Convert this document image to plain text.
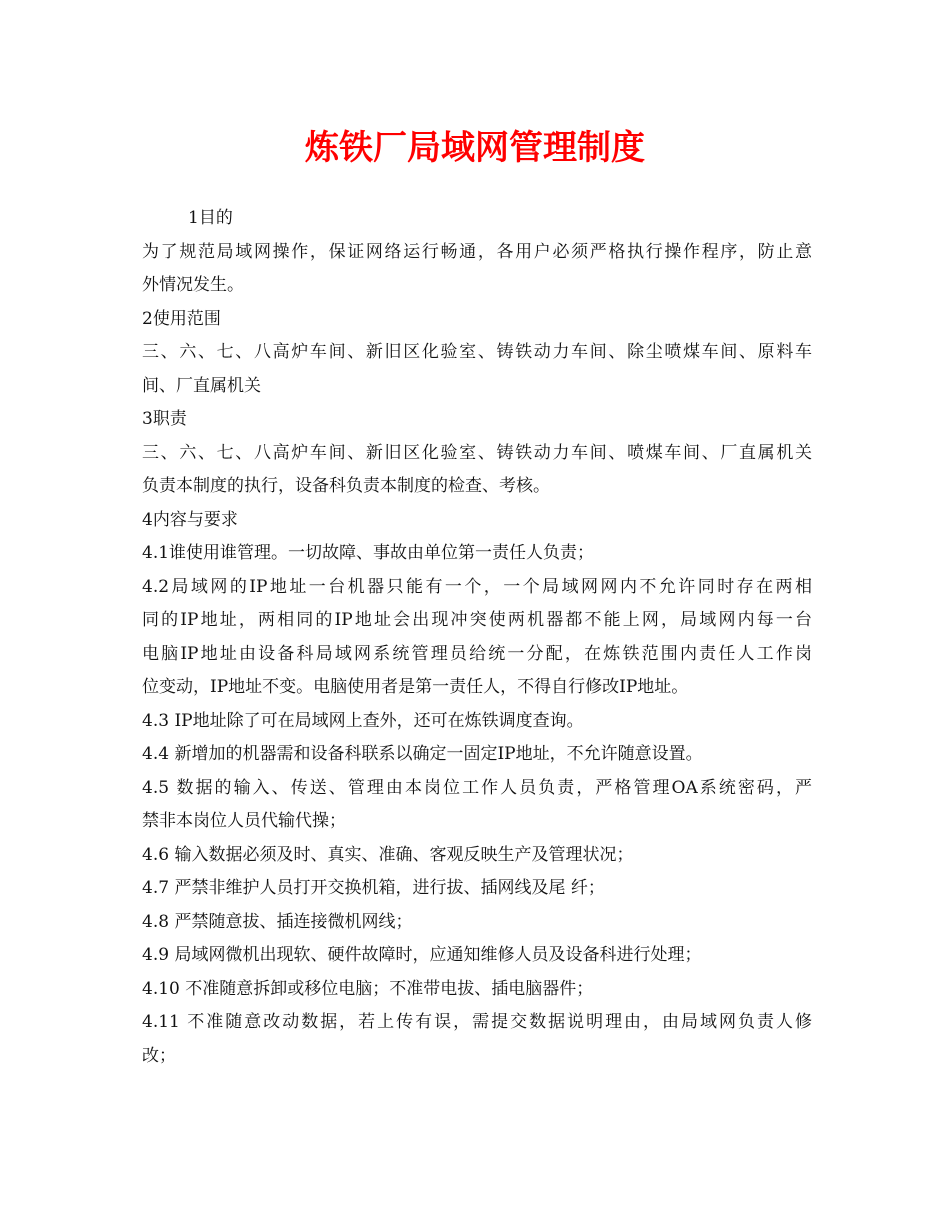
炼铁厂局域网管理制度
1目的
为了规范局域网操作，保证网络运行畅通，各用户必须严格执行操作程序，防止意
外情况发生。
2使用范围
三、六、七、八高炉车间、新旧区化验室、铸铁动力车间、除尘喷煤车间、原料车
间、厂直属机关
3职责
三、六、七、八高炉车间、新旧区化验室、铸铁动力车间、喷煤车间、厂直属机关
负责本制度的执行，设备科负责本制度的检查、考核。
4内容与要求
4.1谁使用谁管理。一切故障、事故由单位第一责任人负责；
4.2局域网的IP地址一台机器只能有一个，一个局域网网内不允许同时存在两相
同的IP地址，两相同的IP地址会出现冲突使两机器都不能上网，局域网内每一台
电脑IP地址由设备科局域网系统管理员给统一分配，在炼铁范围内责任人工作岗
位变动，IP地址不变。电脑使用者是第一责任人，不得自行修改IP地址。
4.3 IP地址除了可在局域网上查外，还可在炼铁调度查询。
4.4 新增加的机器需和设备科联系以确定一固定IP地址，不允许随意设置。
4.5 数据的输入、传送、管理由本岗位工作人员负责，严格管理OA系统密码，严
禁非本岗位人员代输代操；
4.6 输入数据必须及时、真实、准确、客观反映生产及管理状况；
4.7 严禁非维护人员打开交换机箱，进行拔、插网线及尾 纤；
4.8 严禁随意拔、插连接微机网线；
4.9 局域网微机出现软、硬件故障时，应通知维修人员及设备科进行处理；
4.10 不准随意拆卸或移位电脑；不准带电拔、插电脑器件；
4.11 不准随意改动数据，若上传有误，需提交数据说明理由，由局域网负责人修
改；
